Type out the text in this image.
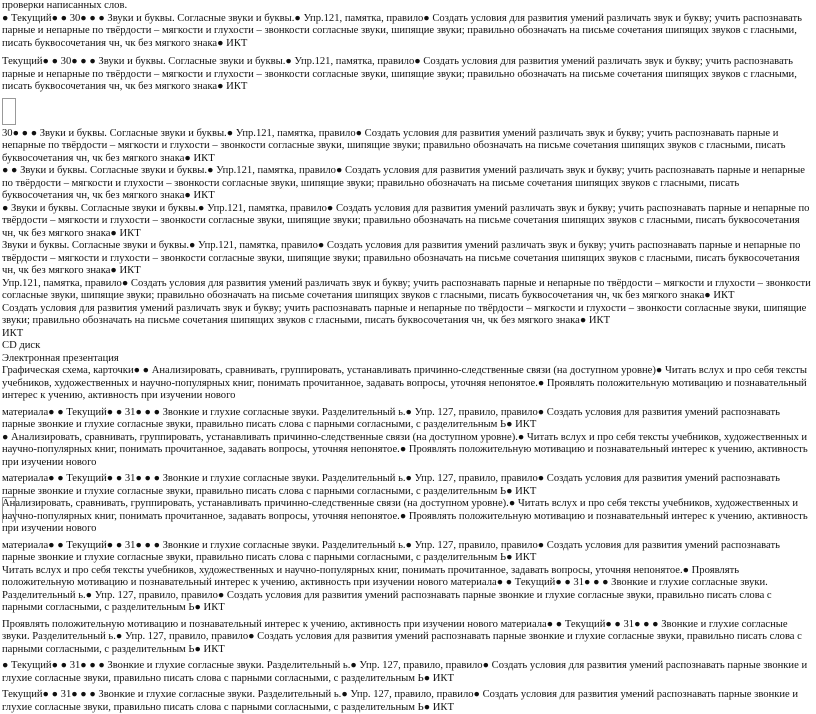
проверки написанных слов.

● Текущий● ● 30● ● ● Звуки и буквы. Согласные звуки и буквы.● Упр.121, памятка, правило● Создать условия для развития умений различать звук и букву; учить распознавать парные и непарные по твёрдости – мягкости и глухости – звонкости согласные звуки, шипящие звуки; правильно обозначать на письме сочетания шипящих звуков с гласными, писать буквосочетания чн, чк без мягкого знака● ИКТ

Текущий● ● 30● ● ● Звуки и буквы. Согласные звуки и буквы.● Упр.121, памятка, правило● Создать условия для развития умений различать звук и букву; учить распознавать парные и непарные по твёрдости – мягкости и глухости – звонкости согласные звуки, шипящие звуки; правильно обозначать на письме сочетания шипящих звуков с гласными, писать буквосочетания чн, чк без мягкого знака● ИКТ

30● ● ● Звуки и буквы. Согласные звуки и буквы.● Упр.121, памятка, правило● Создать условия для развития умений различать звук и букву; учить распознавать парные и непарные по твёрдости – мягкости и глухости – звонкости согласные звуки, шипящие звуки; правильно обозначать на письме сочетания шипящих звуков с гласными, писать буквосочетания чн, чк без мягкого знака● ИКТ

● ● Звуки и буквы. Согласные звуки и буквы.● Упр.121, памятка, правило● Создать условия для развития умений различать звук и букву; учить распознавать парные и непарные по твёрдости – мягкости и глухости – звонкости согласные звуки, шипящие звуки; правильно обозначать на письме сочетания шипящих звуков с гласными, писать буквосочетания чн, чк без мягкого знака● ИКТ

● Звуки и буквы. Согласные звуки и буквы.● Упр.121, памятка, правило● Создать условия для развития умений различать звук и букву; учить распознавать парные и непарные по твёрдости – мягкости и глухости – звонкости согласные звуки, шипящие звуки; правильно обозначать на письме сочетания шипящих звуков с гласными, писать буквосочетания чн, чк без мягкого знака● ИКТ

Звуки и буквы. Согласные звуки и буквы.● Упр.121, памятка, правило● Создать условия для развития умений различать звук и букву; учить распознавать парные и непарные по твёрдости – мягкости и глухости – звонкости согласные звуки, шипящие звуки; правильно обозначать на письме сочетания шипящих звуков с гласными, писать буквосочетания чн, чк без мягкого знака● ИКТ

Упр.121, памятка, правило● Создать условия для развития умений различать звук и букву; учить распознавать парные и непарные по твёрдости – мягкости и глухости – звонкости согласные звуки, шипящие звуки; правильно обозначать на письме сочетания шипящих звуков с гласными, писать буквосочетания чн, чк без мягкого знака● ИКТ

Создать условия для развития умений различать звук и букву; учить распознавать парные и непарные по твёрдости – мягкости и глухости – звонкости согласные звуки, шипящие звуки; правильно обозначать на письме сочетания шипящих звуков с гласными, писать буквосочетания чн, чк без мягкого знака● ИКТ

ИКТ

CD диск

Электронная презентация

Графическая схема, карточки● ● Анализировать, сравнивать, группировать, устанавливать причинно-следственные связи (на доступном уровне)● Читать вслух и про себя тексты учебников, художественных и научно-популярных книг, понимать прочитанное, задавать вопросы, уточняя непонятое.● Проявлять положительную мотивацию и познавательный интерес к учению, активность при изучении нового

материала● ● Текущий● ● 31● ● ● Звонкие и глухие согласные звуки. Разделительный ь.● Упр. 127, правило, правило● Создать условия для развития умений распознавать парные звонкие и глухие согласные звуки, правильно писать слова с парными согласными, с разделительным Ь● ИКТ

● Анализировать, сравнивать, группировать, устанавливать причинно-следственные связи (на доступном уровне).● Читать вслух и про себя тексты учебников, художественных и научно-популярных книг, понимать прочитанное, задавать вопросы, уточняя непонятое.● Проявлять положительную мотивацию и познавательный интерес к учению, активность при изучении нового

материала● ● Текущий● ● 31● ● ● Звонкие и глухие согласные звуки. Разделительный ь.● Упр. 127, правило, правило● Создать условия для развития умений распознавать парные звонкие и глухие согласные звуки, правильно писать слова с парными согласными, с разделительным Ь● ИКТ

Анализировать, сравнивать, группировать, устанавливать причинно-следственные связи (на доступном уровне).● Читать вслух и про себя тексты учебников, художественных и научно-популярных книг, понимать прочитанное, задавать вопросы, уточняя непонятое.● Проявлять положительную мотивацию и познавательный интерес к учению, активность при изучении нового

материала● ● Текущий● ● 31● ● ● Звонкие и глухие согласные звуки. Разделительный ь.● Упр. 127, правило, правило● Создать условия для развития умений распознавать парные звонкие и глухие согласные звуки, правильно писать слова с парными согласными, с разделительным Ь● ИКТ

Читать вслух и про себя тексты учебников, художественных и научно-популярных книг, понимать прочитанное, задавать вопросы, уточняя непонятое.● Проявлять положительную мотивацию и познавательный интерес к учению, активность при изучении нового материала● ● Текущий● ● 31● ● ● Звонкие и глухие согласные звуки. Разделительный ь.● Упр. 127, правило, правило● Создать условия для развития умений распознавать парные звонкие и глухие согласные звуки, правильно писать слова с парными согласными, с разделительным Ь● ИКТ

Проявлять положительную мотивацию и познавательный интерес к учению, активность при изучении нового материала● ● Текущий● ● 31● ● ● Звонкие и глухие согласные звуки. Разделительный ь.● Упр. 127, правило, правило● Создать условия для развития умений распознавать парные звонкие и глухие согласные звуки, правильно писать слова с парными согласными, с разделительным Ь● ИКТ

● Текущий● ● 31● ● ● Звонкие и глухие согласные звуки. Разделительный ь.● Упр. 127, правило, правило● Создать условия для развития умений распознавать парные звонкие и глухие согласные звуки, правильно писать слова с парными согласными, с разделительным Ь● ИКТ

Текущий● ● 31● ● ● Звонкие и глухие согласные звуки. Разделительный ь.● Упр. 127, правило, правило● Создать условия для развития умений распознавать парные звонкие и глухие согласные звуки, правильно писать слова с парными согласными, с разделительным Ь● ИКТ
